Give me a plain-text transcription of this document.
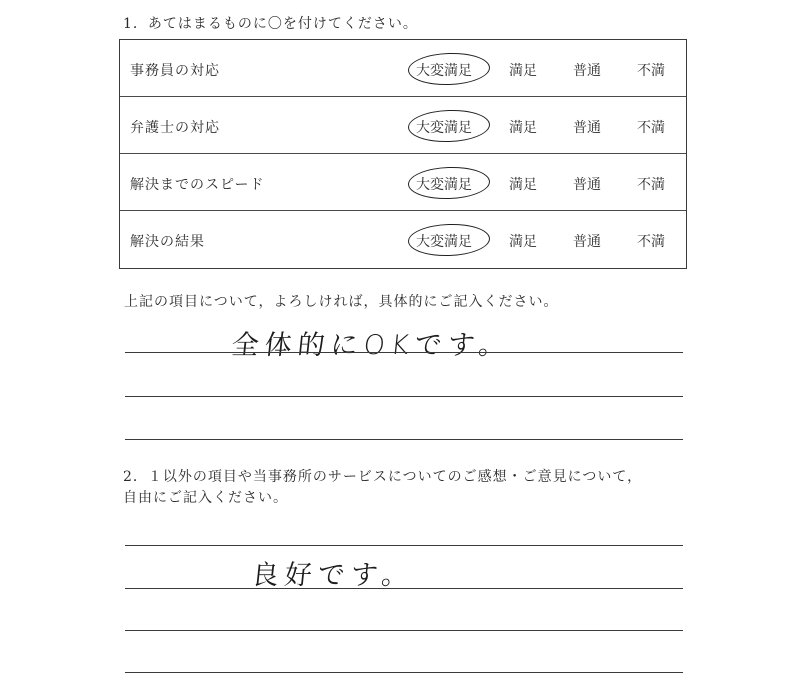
1．あてはまるものに〇を付けてください。
事務員の対応	大変満足	満足	普通	不満
弁護士の対応	大変満足	満足	普通	不満
解決までのスピード	大変満足	満足	普通	不満
解決の結果	大変満足	満足	普通	不満
上記の項目について，よろしければ，具体的にご記入ください。
全体的にOKです。
2．１以外の項目や当事務所のサービスについてのご感想・ご意見について，
自由にご記入ください。
良好です。
